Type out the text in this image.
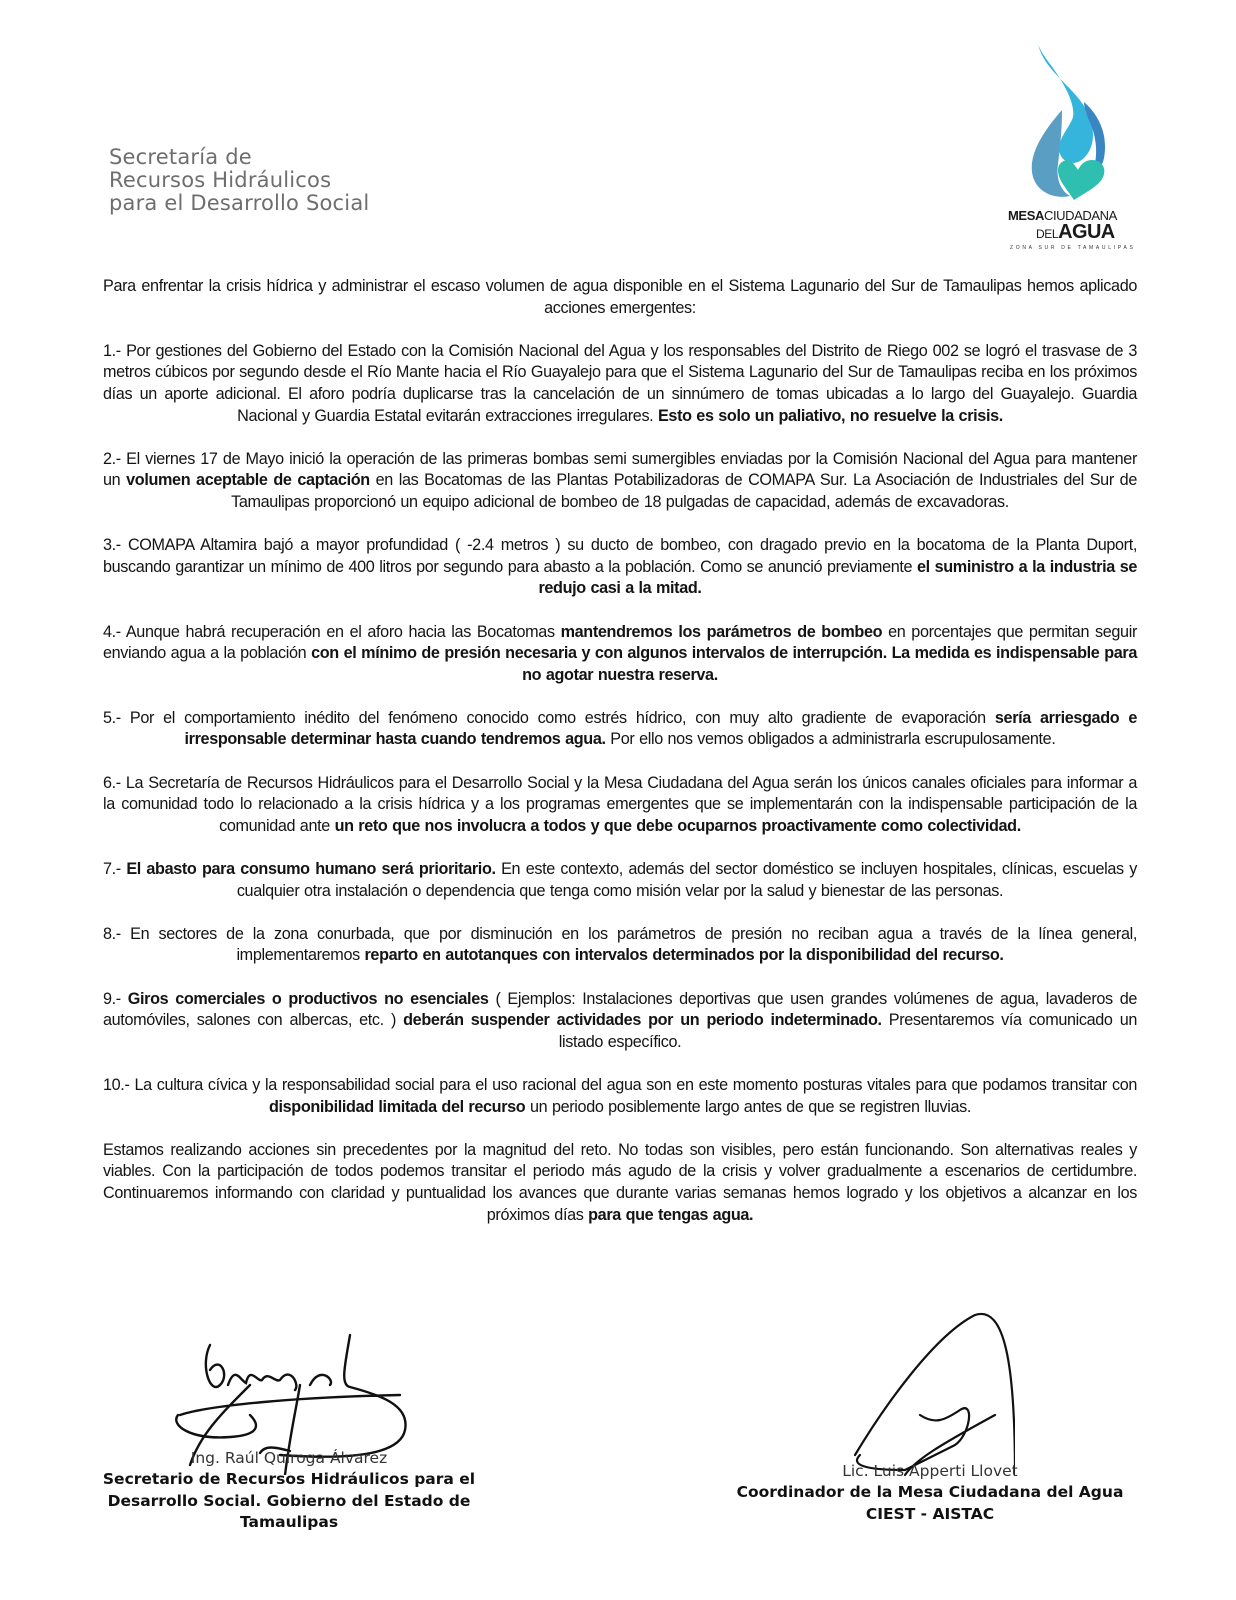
Secretaría de
Recursos Hidráulicos
para el Desarrollo Social
MESACIUDADANA
DELAGUA
ZONA SUR DE TAMAULIPAS

Para enfrentar la crisis hídrica y administrar el escaso volumen de agua disponible en el Sistema Lagunario del Sur de Tamaulipas hemos aplicado acciones emergentes:

1.- Por gestiones del Gobierno del Estado con la Comisión Nacional del Agua y los responsables del Distrito de Riego 002 se logró el trasvase de 3 metros cúbicos por segundo desde el Río Mante hacia el Río Guayalejo para que el Sistema Lagunario del Sur de Tamaulipas reciba en los próximos días un aporte adicional. El aforo podría duplicarse tras la cancelación de un sinnúmero de tomas ubicadas a lo largo del Guayalejo. Guardia Nacional y Guardia Estatal evitarán extracciones irregulares. Esto es solo un paliativo, no resuelve la crisis.

2.- El viernes 17 de Mayo inició la operación de las primeras bombas semi sumergibles enviadas por la Comisión Nacional del Agua para mantener un volumen aceptable de captación en las Bocatomas de las Plantas Potabilizadoras de COMAPA Sur. La Asociación de Industriales del Sur de Tamaulipas proporcionó un equipo adicional de bombeo de 18 pulgadas de capacidad, además de excavadoras.

3.- COMAPA Altamira bajó a mayor profundidad ( -2.4 metros ) su ducto de bombeo, con dragado previo en la bocatoma de la Planta Duport, buscando garantizar un mínimo de 400 litros por segundo para abasto a la población. Como se anunció previamente el suministro a la industria se redujo casi a la mitad.

4.- Aunque habrá recuperación en el aforo hacia las Bocatomas mantendremos los parámetros de bombeo en porcentajes que permitan seguir enviando agua a la población con el mínimo de presión necesaria y con algunos intervalos de interrupción. La medida es indispensable para no agotar nuestra reserva.

5.- Por el comportamiento inédito del fenómeno conocido como estrés hídrico, con muy alto gradiente de evaporación sería arriesgado e irresponsable determinar hasta cuando tendremos agua. Por ello nos vemos obligados a administrarla escrupulosamente.

6.- La Secretaría de Recursos Hidráulicos para el Desarrollo Social y la Mesa Ciudadana del Agua serán los únicos canales oficiales para informar a la comunidad todo lo relacionado a la crisis hídrica y a los programas emergentes que se implementarán con la indispensable participación de la comunidad ante un reto que nos involucra a todos y que debe ocuparnos proactivamente como colectividad.

7.- El abasto para consumo humano será prioritario. En este contexto, además del sector doméstico se incluyen hospitales, clínicas, escuelas y cualquier otra instalación o dependencia que tenga como misión velar por la salud y bienestar de las personas.

8.- En sectores de la zona conurbada, que por disminución en los parámetros de presión no reciban agua a través de la línea general, implementaremos reparto en autotanques con intervalos determinados por la disponibilidad del recurso.

9.- Giros comerciales o productivos no esenciales ( Ejemplos: Instalaciones deportivas que usen grandes volúmenes de agua, lavaderos de automóviles, salones con albercas, etc. ) deberán suspender actividades por un periodo indeterminado. Presentaremos vía comunicado un listado específico.

10.- La cultura cívica y la responsabilidad social para el uso racional del agua son en este momento posturas vitales para que podamos transitar con disponibilidad limitada del recurso un periodo posiblemente largo antes de que se registren lluvias.

Estamos realizando acciones sin precedentes por la magnitud del reto. No todas son visibles, pero están funcionando. Son alternativas reales y viables. Con la participación de todos podemos transitar el periodo más agudo de la crisis y volver gradualmente a escenarios de certidumbre. Continuaremos informando con claridad y puntualidad los avances que durante varias semanas hemos logrado y los objetivos a alcanzar en los próximos días para que tengas agua.

Ing. Raúl Quiroga Álvarez
Secretario de Recursos Hidráulicos para el
Desarrollo Social. Gobierno del Estado de
Tamaulipas
Lic. Luis Apperti Llovet
Coordinador de la Mesa Ciudadana del Agua
CIEST - AISTAC
